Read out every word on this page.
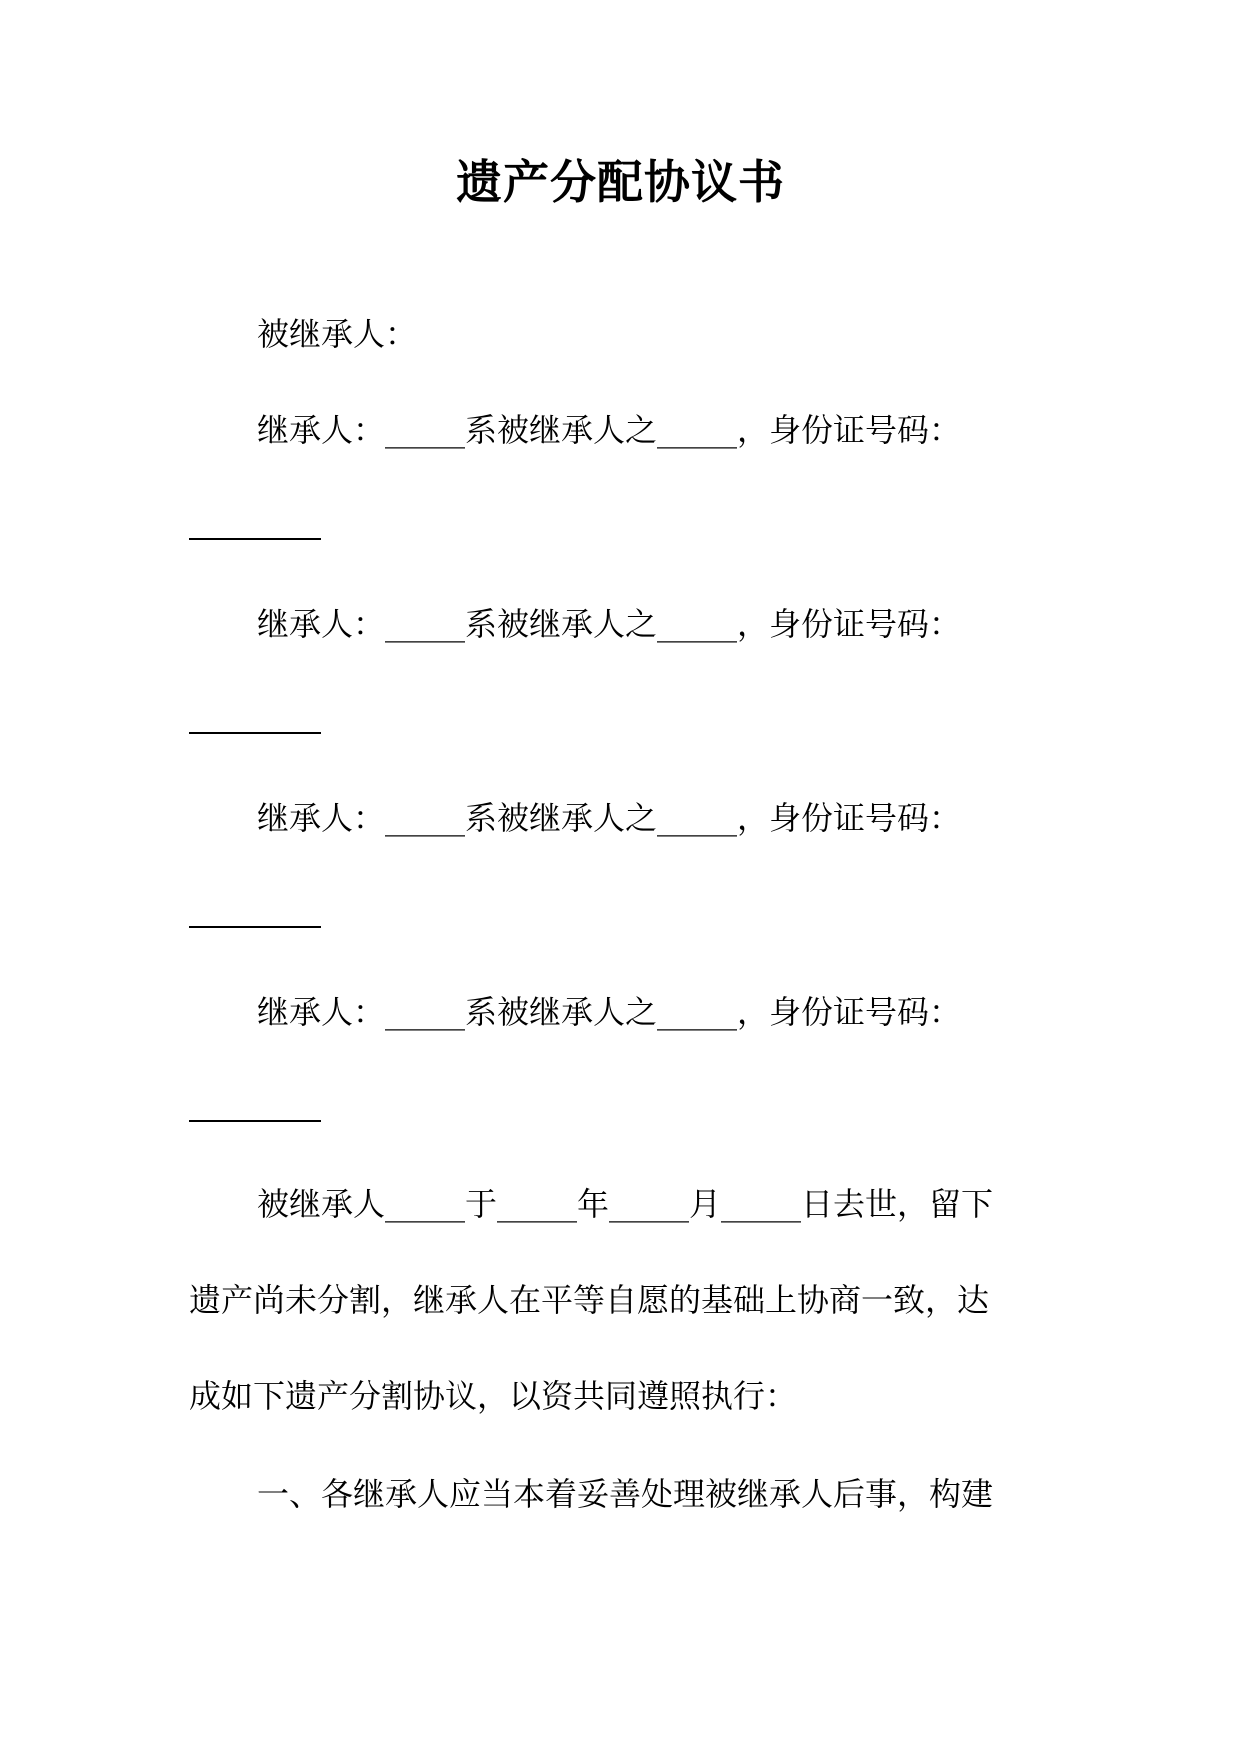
遗产分配协议书
被继承人：
继承人：_____系被继承人之_____，身份证号码：
继承人：_____系被继承人之_____，身份证号码：
继承人：_____系被继承人之_____，身份证号码：
继承人：_____系被继承人之_____，身份证号码：
被继承人_____于_____年_____月_____日去世，留下
遗产尚未分割，继承人在平等自愿的基础上协商一致，达
成如下遗产分割协议，以资共同遵照执行：
一、各继承人应当本着妥善处理被继承人后事，构建
